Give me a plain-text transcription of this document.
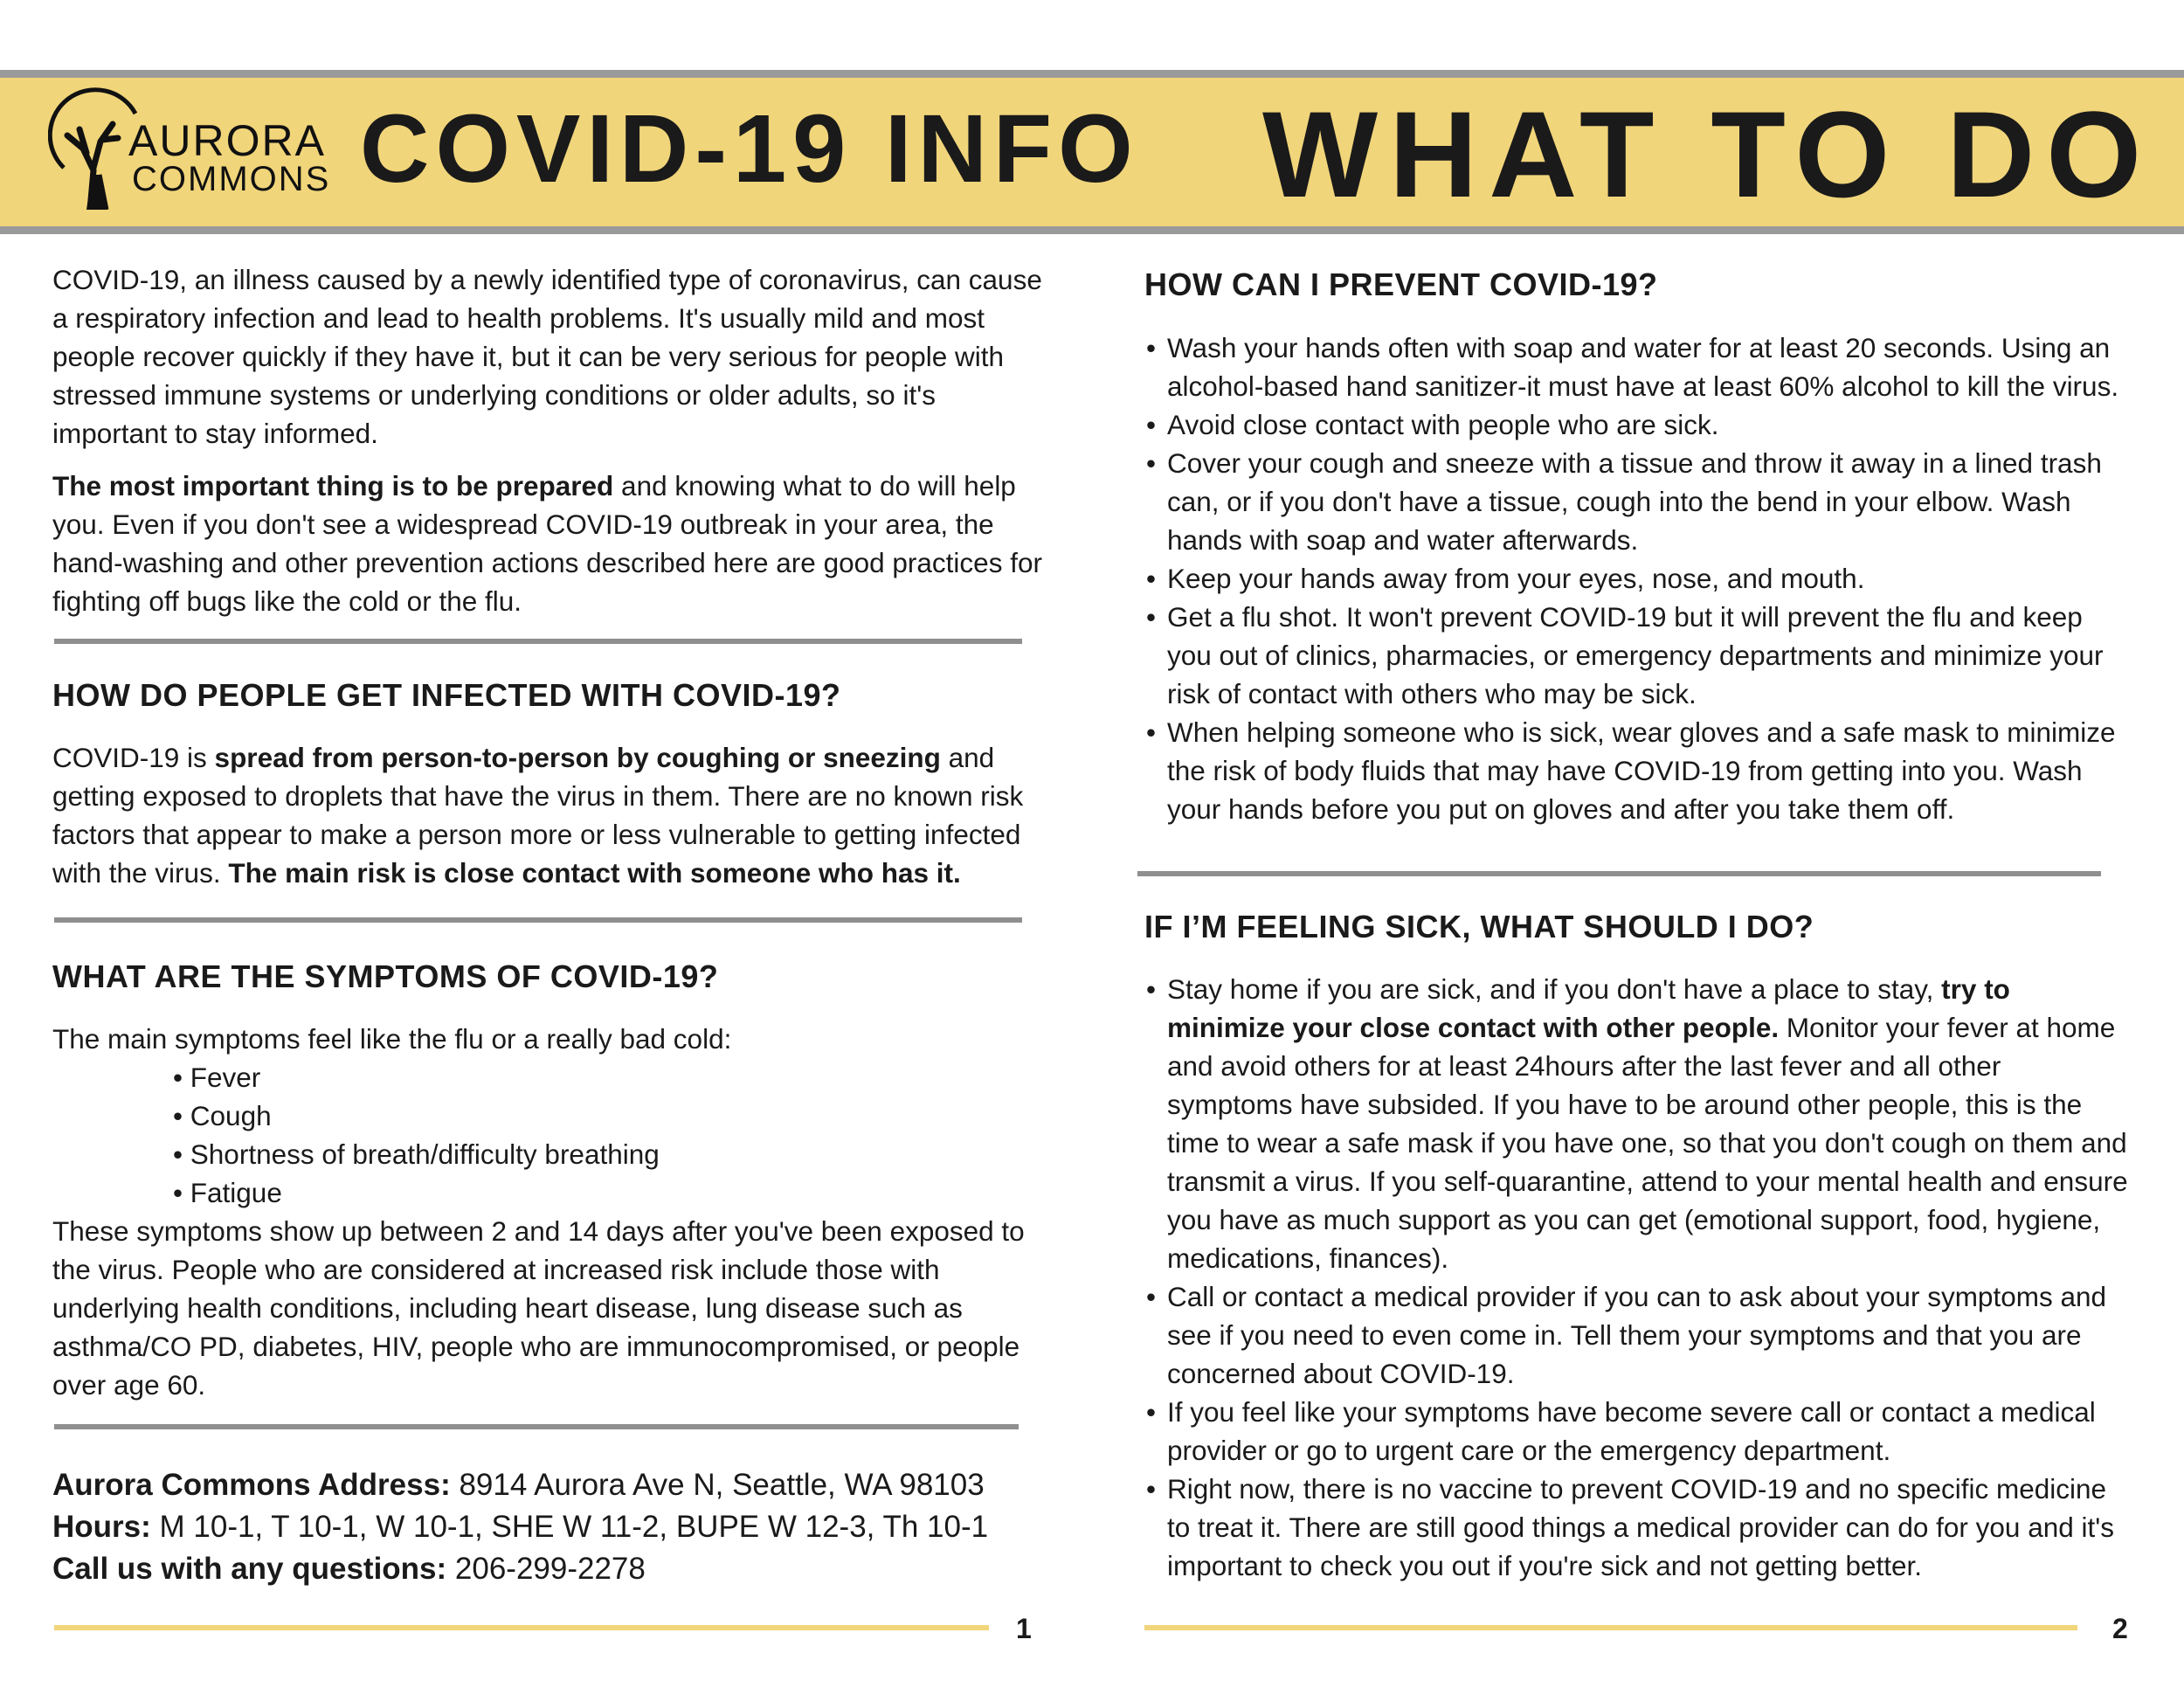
AURORA
COMMONS COVID-19 INFO WHAT TO DO

COVID-19, an illness caused by a newly identified type of coronavirus, can cause a respiratory infection and lead to health problems. It's usually mild and most people recover quickly if they have it, but it can be very serious for people with stressed immune systems or underlying conditions or older adults, so it's important to stay informed.

The most important thing is to be prepared and knowing what to do will help you. Even if you don't see a widespread COVID-19 outbreak in your area, the hand-washing and other prevention actions described here are good practices for fighting off bugs like the cold or the flu.

HOW DO PEOPLE GET INFECTED WITH COVID-19?

COVID-19 is spread from person-to-person by coughing or sneezing and getting exposed to droplets that have the virus in them. There are no known risk factors that appear to make a person more or less vulnerable to getting infected with the virus. The main risk is close contact with someone who has it.

WHAT ARE THE SYMPTOMS OF COVID-19?

The main symptoms feel like the flu or a really bad cold:

• Fever
• Cough
• Shortness of breath/difficulty breathing
• Fatigue

These symptoms show up between 2 and 14 days after you've been exposed to the virus. People who are considered at increased risk include those with underlying health conditions, including heart disease, lung disease such as asthma/CO PD, diabetes, HIV, people who are immunocompromised, or people over age 60.

Aurora Commons Address: 8914 Aurora Ave N, Seattle, WA 98103
Hours: M 10-1, T 10-1, W 10-1, SHE W 11-2, BUPE W 12-3, Th 10-1
Call us with any questions: 206-299-2278
1
HOW CAN I PREVENT COVID-19?
• Wash your hands often with soap and water for at least 20 seconds. Using an alcohol-based hand sanitizer-it must have at least 60% alcohol to kill the virus.
• Avoid close contact with people who are sick.
• Cover your cough and sneeze with a tissue and throw it away in a lined trash can, or if you don't have a tissue, cough into the bend in your elbow. Wash hands with soap and water afterwards.
• Keep your hands away from your eyes, nose, and mouth.
• Get a flu shot. It won't prevent COVID-19 but it will prevent the flu and keep you out of clinics, pharmacies, or emergency departments and minimize your risk of contact with others who may be sick.
• When helping someone who is sick, wear gloves and a safe mask to minimize the risk of body fluids that may have COVID-19 from getting into you. Wash your hands before you put on gloves and after you take them off.
IF I’M FEELING SICK, WHAT SHOULD I DO?
• Stay home if you are sick, and if you don't have a place to stay, try to minimize your close contact with other people. Monitor your fever at home and avoid others for at least 24hours after the last fever and all other symptoms have subsided. If you have to be around other people, this is the time to wear a safe mask if you have one, so that you don't cough on them and transmit a virus. If you self-quarantine, attend to your mental health and ensure you have as much support as you can get (emotional support, food, hygiene, medications, finances).
• Call or contact a medical provider if you can to ask about your symptoms and see if you need to even come in. Tell them your symptoms and that you are concerned about COVID-19.
• If you feel like your symptoms have become severe call or contact a medical provider or go to urgent care or the emergency department.
• Right now, there is no vaccine to prevent COVID-19 and no specific medicine to treat it. There are still good things a medical provider can do for you and it's important to check you out if you're sick and not getting better.
2
